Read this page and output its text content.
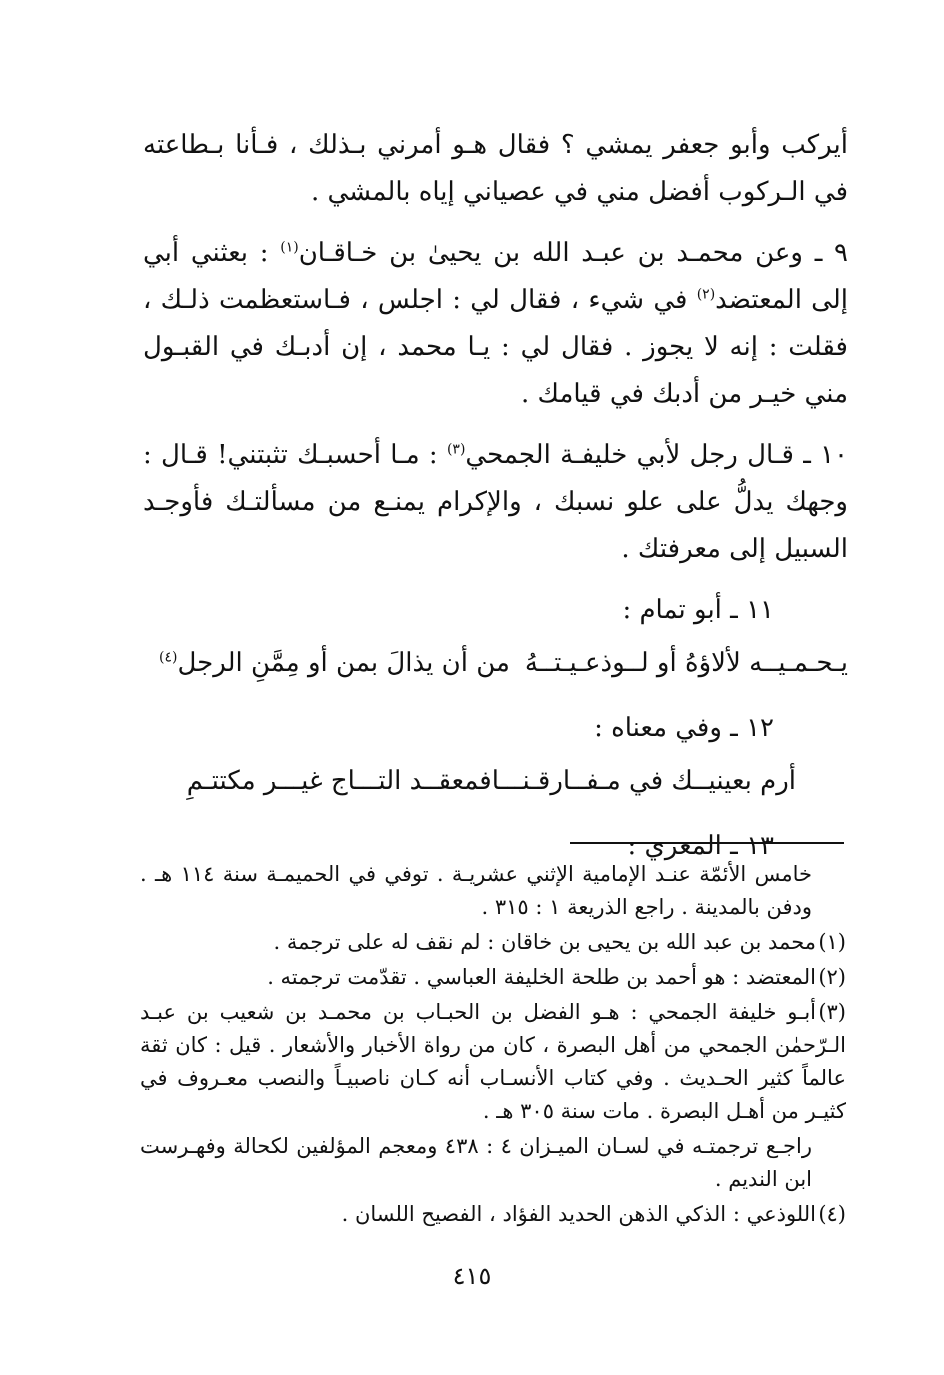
أيركب وأبو جعفر يمشي ؟ فقال هـو أمرني بـذلك ، فـأنا بـطاعته في الـركوب أفضل مني في عصياني إياه بالمشي .

٩ ـ وعن محمـد بن عبـد الله بن يحيىٰ بن خـاقـان$^{(١)}$ : بعثني أبي إلى المعتضد$^{(٢)}$ في شيء ، فقال لي : اجلس ، فـاستعظمت ذلـك ، فقلت : إنه لا يجوز . فقال لي : يـا محمد ، إن أدبـك في القبـول مني خيـر من أدبك في قيامك .

١٠ ـ قـال رجل لأبي خليفـة الجمحي$^{(٣)}$ : مـا أحسبـك تثبتني! قـال : وجهك يدلُّ على علو نسبك ، والإكرام يمنـع من مسألتـك فأوجـد السبيل إلى معرفتك .

١١ ـ أبو تمام :

يـحـمـيــه لألاؤهُ أو لــوذعـيـتــهُ
من أن يذالَ بمن أو مِمَّنِ الرجل$^{(٤)}$

١٢ ـ وفي معناه :

أرم بعينيــك في مـفــارقـنـــا
فمعقــد التـــاج غيـــر مكتتـمِ

١٣ ـ المعري :

خامس الأئمّة عنـد الإمامية الإثني عشريـة . توفي في الحميمـة سنة ١١٤ هـ . ودفن بالمدينة . راجع الذريعة ١ : ٣١٥ .
(١)محمد بن عبد الله بن يحيى بن خاقان : لم نقف له على ترجمة .
(٢)المعتضد : هو أحمد بن طلحة الخليفة العباسي . تقدّمت ترجمته .
(٣)أبـو خليفة الجمحي : هـو الفضل بن الحبـاب بن محمـد بن شعيب بن عبـد الـرّحمٰن الجمحي من أهل البصرة ، كان من رواة الأخبار والأشعار . قيل : كان ثقة عالماً كثير الحـديث . وفي كتاب الأنسـاب أنه كـان ناصبيـاً والنصب معـروف في كثيـر من أهـل البصرة . مات سنة ٣٠٥ هـ .
راجـع ترجمتـه في لسـان الميـزان ٤ : ٤٣٨ ومعجم المؤلفين لكحالة وفهـرست ابن النديم .
(٤)اللوذعي : الذكي الذهن الحديد الفؤاد ، الفصيح اللسان .
٤١٥
